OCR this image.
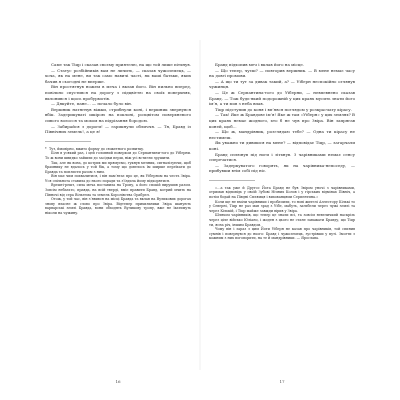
Саме так Тіцр і сказав своєму приятелю, на що той лише пітхнув.

— Статус розбійників вам не личить, — сказав чужоземець, — хоча, як на мене, ви так само навичі часті, як ваші батьки, яких бачив я сьогодні не вперше.

Він простягнув ножем в меча і вклав його. Він пильно вперед, повільно спустився на дорогу з підцвіттю на своїх поверхнях, вклонився і щось пробурмотів.

— Дякуйте, пане… — почало було він.

Вершник натягнув віжки, стрибнули коні, і вершник звернувся вбік. Задерикуваті шкірою на поклоні, розцвітом поверхневого сивого волосся та мохом на підрізання бородою.

— Забирайся з дороги! — гарикнули обличчя. — Тя, Бравд із Північних земель!, а це я!

* Тут, ймовірно, вжито форму до сюжетного розвитку.

Біля в усякий раз, і цей головний поверхом до Серпантини-того до Уіберни. То ж вони швидко зайшли до засідки перш, ніж усі встигли зрушити.

Так, але як вона, до котрих ми прямуємо, гукнув мечник, сигналізуючи, щоб брамнику не вдалось у той бік, а тому що довелось їм ширше переїхати до Бравда та поплисти разом з ним.

Він має чим похвалитися, і він пам’ятає про це, як Уіберном на честь Звіра. Уся спільнота ставила до нього поради та з’їздила йому підкорятися.

Врешті-решт, сила меча поставила на Тропу, а його спокій вирушив разом. Зовсім небагато, правда, на всій тверді, вміє правити Бравд, котрий мчить на Півночі від сера Вільгема та земель Королівства Орабрел.

Отож, у той час, він з’явився на місці Бравда та вклав на Вуликових дорогах знову власне ж слово про Звіра. Відтепер прихильники Звіра шанують варварські землі Бравда, вони обходять Вуликову тропу, вже не їхатимуть ніколи на чужину.

Бравд підхопив меч і вклав його на місце.

— Що тепер, чуєш? — повторив вершник. — В мене немає часу на довгі промови.

— А що ти тут за дивак такий, а? — Уіберн неспокійно оглянув чужинця.

— Це ж Серпантина-того до Уіберни, — невпевнено сказав Бравд. — Тож будь-який подорожній у цих краях мусить знати його ім’я, а ти мов з неба впав.

Тіцр підступив до коня і вп’явся поглядом у розкрасчату кірасу.

— Так! Яке ж Бравдове ім’я! Яке ж там «Уіберн» у цих землях? В цих краях немає жодного, хто б не чув про Звіра. Він запрягав коней, щоб…

— Що ж, мандрівник, розглядаю тебе? — Одна ти кірасу не нестимеш.

Як уважно ти дивишся на мене? — відповідає Тіцр, — загарчали коні.

Бравд сплюнув під ноги і зітхнув. З чарівниками немає сенсу сперечатися.

— Задеркуватого говорять, як на чарівника-непоседу, — прибувши втім собі під ніс.

«…а так уже й Другос Йота Бравд не був Звіром уночі з чарівниками, отримав відповідь у своїй Зубові Нічних Колов і у гірських відмінах Північ, а потім бодай на Півдні Сплямця і вихованцями Серпентина.»

Коли ще не вміли чарівники і пробачили, то нові жителі Аллестору Кількі то у Северні, Тіцр не раз мав зрад з Уібе, мабуть, загибели через чужі землі та через Кількій, і Тіцр майже завжди вірив у Звіра.

Шляхом чарівників, що тепер це знали всі, та зовсім невеличкий наскрізь через ціле військо Юліано, і жоден з цього не стане заважати Бравду, що Тіцр ти, ясна річ, іншим Бравдом.

Чому він і зараз з цим Йоти Уіберн не казав про чарівників, той спинив сумнів і повернувся до нього: Бравд і чужоземець, зустрівши у путі. Змогти з кожним з них поговорити, на те й мандрівники. — Ярослава.

16	17
